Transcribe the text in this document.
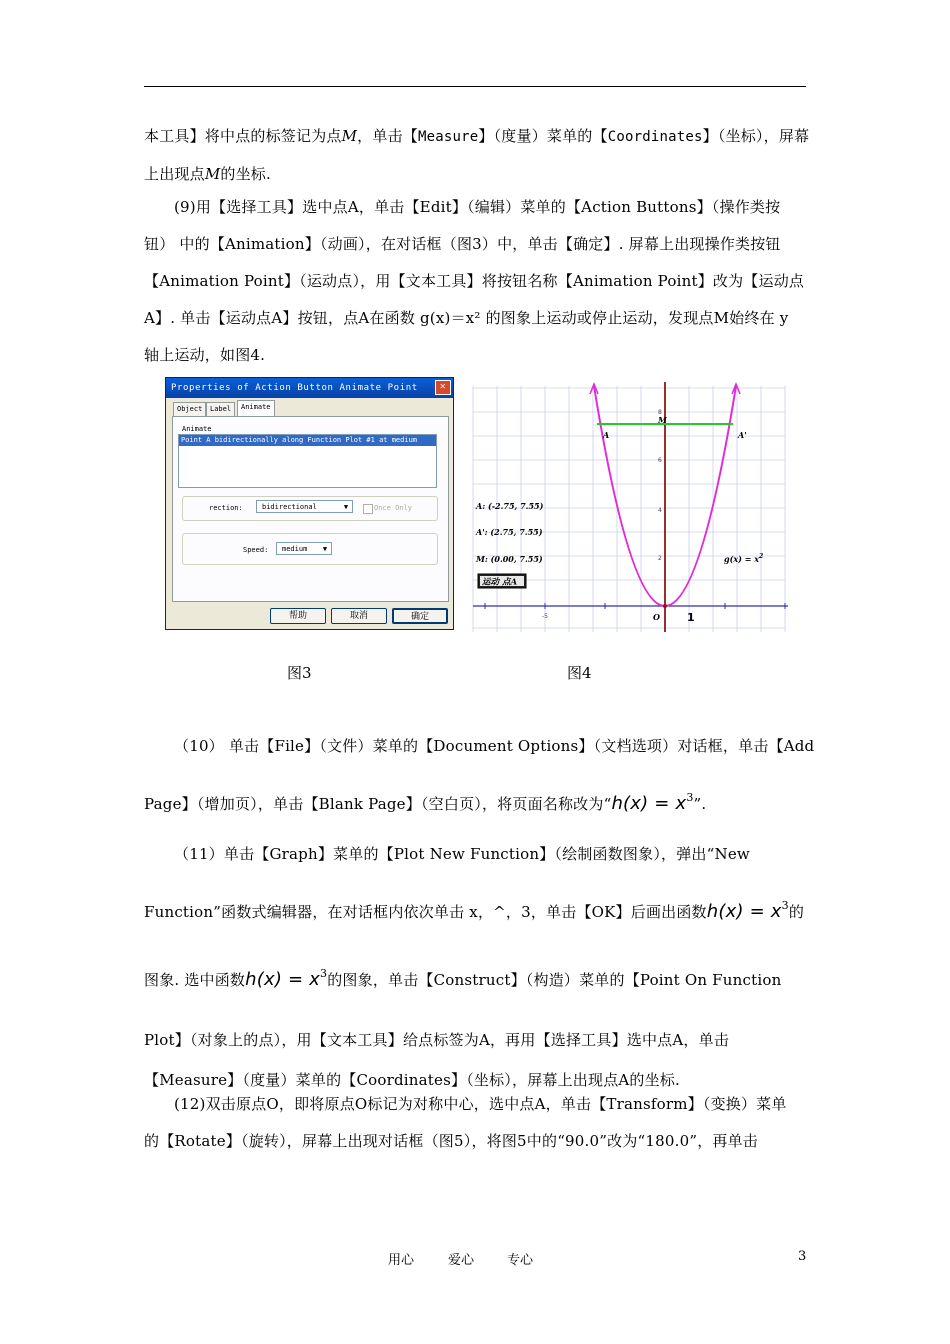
本工具】将中点的标签记为点M，单击【Measure】（度量）菜单的【Coordinates】（坐标），屏幕

上出现点M的坐标.

(9)用【选择工具】选中点A，单击【Edit】（编辑）菜单的【Action Buttons】（操作类按

钮） 中的【Animation】（动画），在对话框（图3）中，单击【确定】. 屏幕上出现操作类按钮

【Animation Point】（运动点），用【文本工具】将按钮名称【Animation Point】改为【运动点

A】. 单击【运动点A】按钮，点A在函数 g(x)＝x² 的图象上运动或停止运动，发现点M始终在 y

轴上运动，如图4.

Properties of Action Button Animate Point	✕
Object	Label	Animate
Animate
Point A bidirectionally along Function Plot #1 at medium
rection:	bidirectional	▼	Once Only
Speed:	medium	▼
帮助	取消	确定
A	A'
M
O
A: (-2.75, 7.55)
A': (2.75, 7.55)
M: (0.00, 7.55)	$g(x) = x^2$
1
8
6
4
2
-5
运动 点A
图3	图4

（10） 单击【File】（文件）菜单的【Document Options】（文档选项）对话框，单击【Add

Page】（增加页），单击【Blank Page】（空白页），将页面名称改为“$h(x) = x^3$”.

（11）单击【Graph】菜单的【Plot New Function】（绘制函数图象），弹出“New

Function”函数式编辑器，在对话框内依次单击 x，^，3，单击【OK】后画出函数$h(x) = x^3$的

图象. 选中函数$h(x) = x^3$的图象，单击【Construct】（构造）菜单的【Point On Function

Plot】（对象上的点），用【文本工具】给点标签为A，再用【选择工具】选中点A，单击

【Measure】（度量）菜单的【Coordinates】（坐标），屏幕上出现点A的坐标.

(12)双击原点O，即将原点O标记为对称中心，选中点A，单击【Transform】（变换）菜单

的【Rotate】（旋转），屏幕上出现对话框（图5），将图5中的“90.0”改为“180.0”，再单击

用心	爱心	专心	3
